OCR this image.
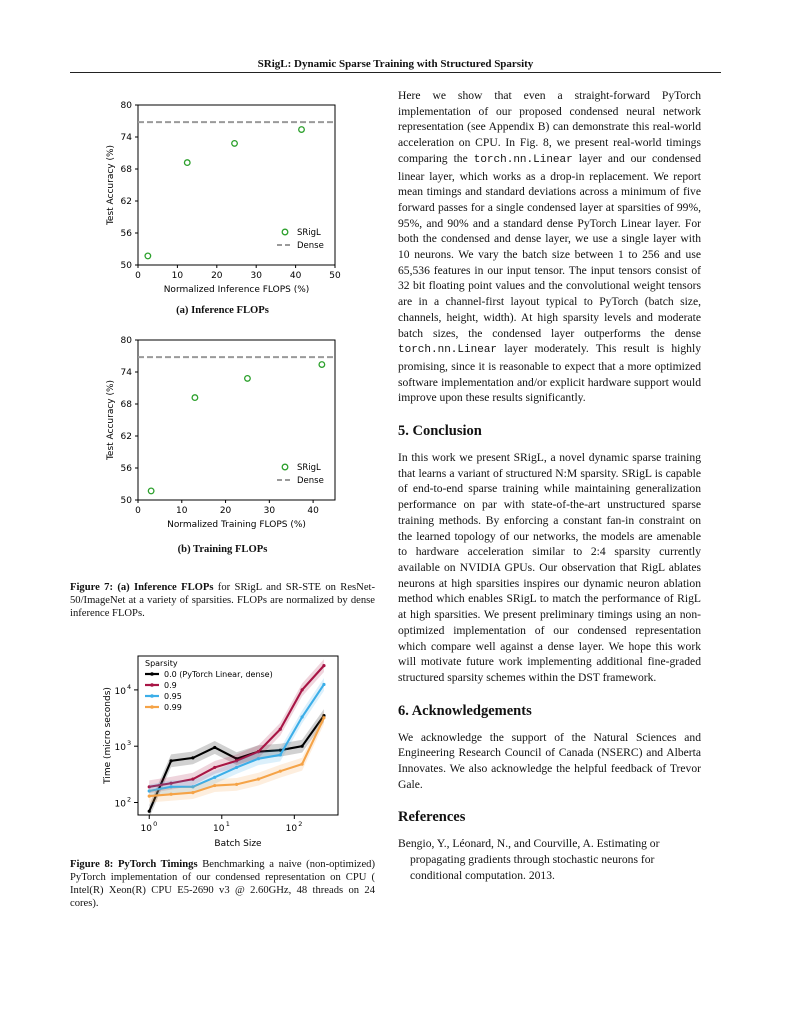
SRigL: Dynamic Sparse Training with Structured Sparsity
0	10	20	30	40	50
50
56
62
68
74
80
Normalized Inference FLOPS (%)
Test Accuracy (%)
SRigL
Dense
(a) Inference FLOPs
0	10	20	30	40
50
56
62
68
74
80
Normalized Training FLOPS (%)
Test Accuracy (%)
SRigL
Dense
(b) Training FLOPs

Figure 7: (a) Inference FLOPs for SRigL and SR-STE on ResNet-50/ImageNet at a variety of sparsities. FLOPs are normalized by dense inference FLOPs.

10 0	10 1	10 2
10 2
10 3
10 4
Batch Size
Time (micro seconds)
Sparsity
0.0 (PyTorch Linear, dense)
0.9
0.95
0.99

Figure 8: PyTorch Timings Benchmarking a naive (non-optimized) PyTorch implementation of our condensed representation on CPU ( Intel(R) Xeon(R) CPU E5-2690 v3 @ 2.60GHz, 48 threads on 24 cores).

Here we show that even a straight-forward PyTorch implementation of our proposed condensed neural network representation (see Appendix B) can demonstrate this real-world acceleration on CPU. In Fig. 8, we present real-world timings comparing the torch.nn.Linear layer and our condensed linear layer, which works as a drop-in replacement. We report mean timings and standard deviations across a minimum of five forward passes for a single condensed layer at sparsities of 99%, 95%, and 90% and a standard dense PyTorch Linear layer. For both the condensed and dense layer, we use a single layer with 10 neurons. We vary the batch size between 1 to 256 and use 65,536 features in our input tensor. The input tensors consist of 32 bit floating point values and the convolutional weight tensors are in a channel-first layout typical to PyTorch (batch size, channels, height, width). At high sparsity levels and moderate batch sizes, the condensed layer outperforms the dense torch.nn.Linear layer moderately. This result is highly promising, since it is reasonable to expect that a more optimized software implementation and/or explicit hardware support would improve upon these results significantly.

5. Conclusion

In this work we present SRigL, a novel dynamic sparse training that learns a variant of structured N:M sparsity. SRigL is capable of end-to-end sparse training while maintaining generalization performance on par with state-of-the-art unstructured sparse training methods. By enforcing a constant fan-in constraint on the learned topology of our networks, the models are amenable to hardware acceleration similar to 2:4 sparsity currently available on NVIDIA GPUs. Our observation that RigL ablates neurons at high sparsities inspires our dynamic neuron ablation method which enables SRigL to match the performance of RigL at high sparsities. We present preliminary timings using an non-optimized implementation of our condensed representation which compare well against a dense layer. We hope this work will motivate future work implementing additional fine-graded structured sparsity schemes within the DST framework.

6. Acknowledgements

We acknowledge the support of the Natural Sciences and Engineering Research Council of Canada (NSERC) and Alberta Innovates. We also acknowledge the helpful feedback of Trevor Gale.

References

Bengio, Y., Léonard, N., and Courville, A. Estimating or propagating gradients through stochastic neurons for conditional computation. 2013.
